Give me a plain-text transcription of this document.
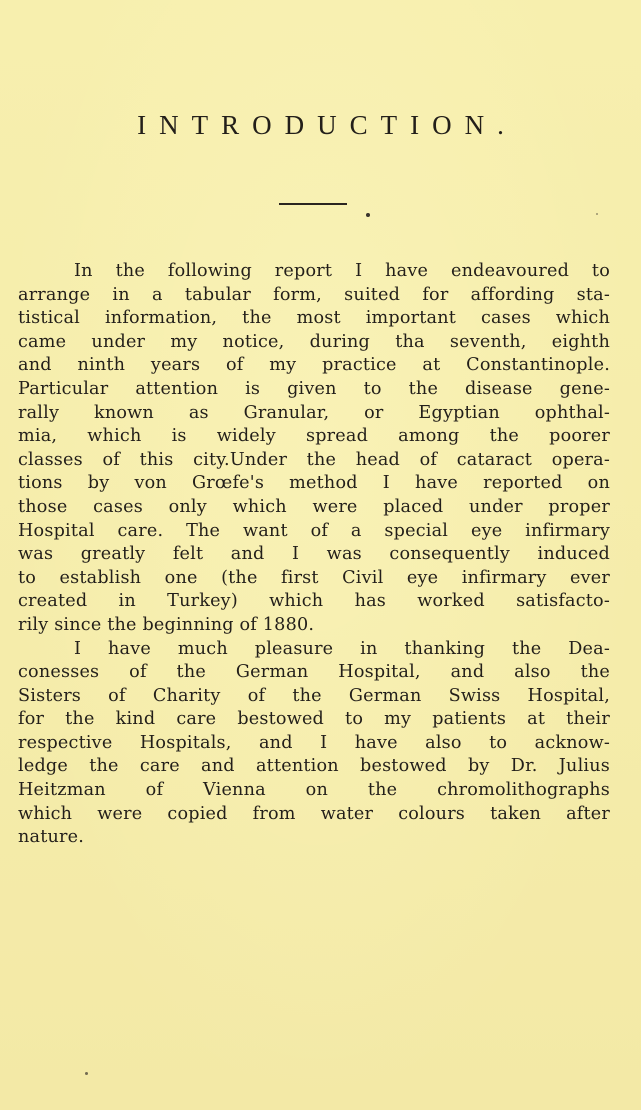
INTRODUCTION.
In the following report I have endeavoured to
arrange in a tabular form, suited for affording sta-
tistical information, the most important cases which
came under my notice, during tha seventh, eighth
and ninth years of my practice at Constantinople.
Particular attention is given to the disease gene-
rally known as Granular, or Egyptian ophthal-
mia, which is widely spread among the poorer
classes of this city.Under the head of cataract opera-
tions by von Grœfe's method I have reported on
those cases only which were placed under proper
Hospital care. The want of a special eye infirmary
was greatly felt and I was consequently induced
to establish one (the first Civil eye infirmary ever
created in Turkey) which has worked satisfacto-
rily since the beginning of 1880.
I have much pleasure in thanking the Dea-
conesses of the German Hospital, and also the
Sisters of Charity of the German Swiss Hospital,
for the kind care bestowed to my patients at their
respective Hospitals, and I have also to acknow-
ledge the care and attention bestowed by Dr. Julius
Heitzman of Vienna on the chromolithographs
which were copied from water colours taken after
nature.
